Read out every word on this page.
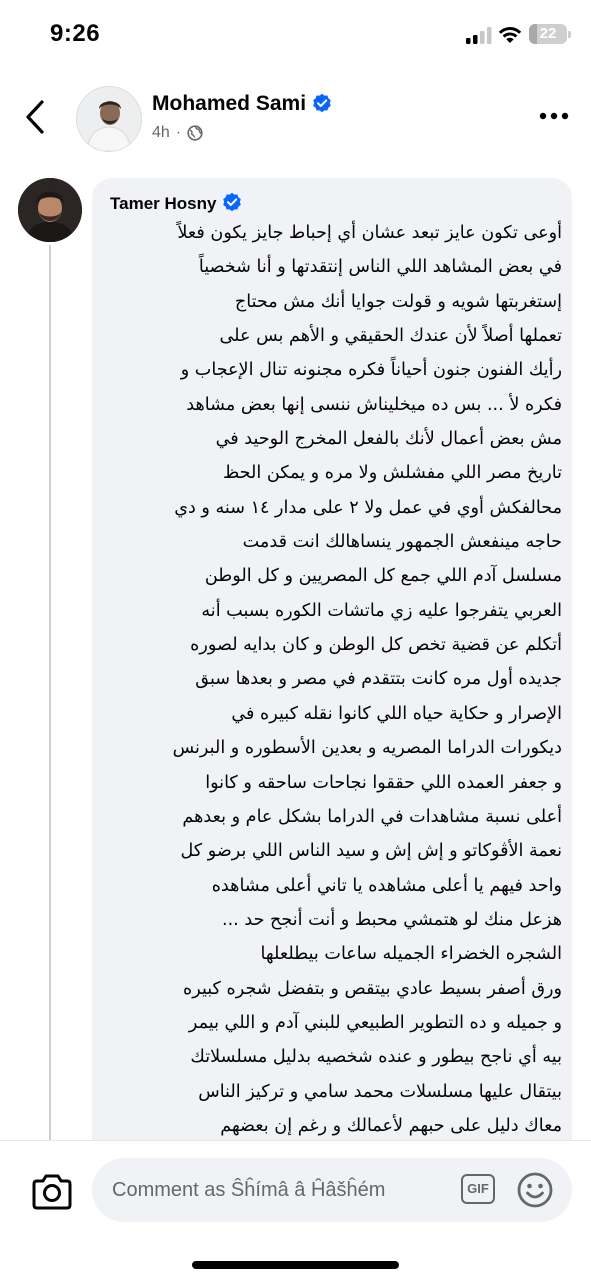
9:26	22
Mohamed Sami
4h ·
Tamer Hosny
أوعى تكون عايز تبعد عشان أي إحباط جايز يكون فعلاً
في بعض المشاهد اللي الناس إنتقدتها و أنا شخصياً
إستغربتها شويه و قولت جوايا أنك مش محتاج
تعملها أصلاً لأن عندك الحقيقي و الأهم بس على
رأيك الفنون جنون أحياناً فكره مجنونه تنال الإعجاب و
فكره لأ ... بس ده ميخليناش ننسى إنها بعض مشاهد
مش بعض أعمال لأنك بالفعل المخرج الوحيد في
تاريخ مصر اللي مفشلش ولا مره و يمكن الحظ
محالفكش أوي في عمل ولا ٢ على مدار ١٤ سنه و دي
حاجه مينفعش الجمهور ينساهالك انت قدمت
مسلسل آدم اللي جمع كل المصريين و كل الوطن
العربي يتفرجوا عليه زي ماتشات الكوره بسبب أنه
أتكلم عن قضية تخص كل الوطن و كان بدايه لصوره
جديده أول مره كانت بتتقدم في مصر و بعدها سبق
الإصرار و حكاية حياه اللي كانوا نقله كبيره في
ديكورات الدراما المصريه و بعدين الأسطوره و البرنس
و جعفر العمده اللي حققوا نجاحات ساحقه و كانوا
أعلى نسبة مشاهدات في الدراما بشكل عام و بعدهم
نعمة الأڤوكاتو و إش إش و سيد الناس اللي برضو كل
واحد فيهم يا أعلى مشاهده يا تاني أعلى مشاهده
هزعل منك لو هتمشي محبط و أنت أنجح حد ...
الشجره الخضراء الجميله ساعات بيطلعلها
ورق أصفر بسيط عادي بيتقص و بتفضل شجره كبيره
و جميله و ده التطوير الطبيعي للبني آدم و اللي بيمر
بيه أي ناجح بيطور و عنده شخصيه بدليل مسلسلاتك
بيتقال عليها مسلسلات محمد سامي و تركيز الناس
معاك دليل على حبهم لأعمالك و رغم إن بعضهم

Comment as Ŝĥímâ â Ĥâšĥém	GIF
